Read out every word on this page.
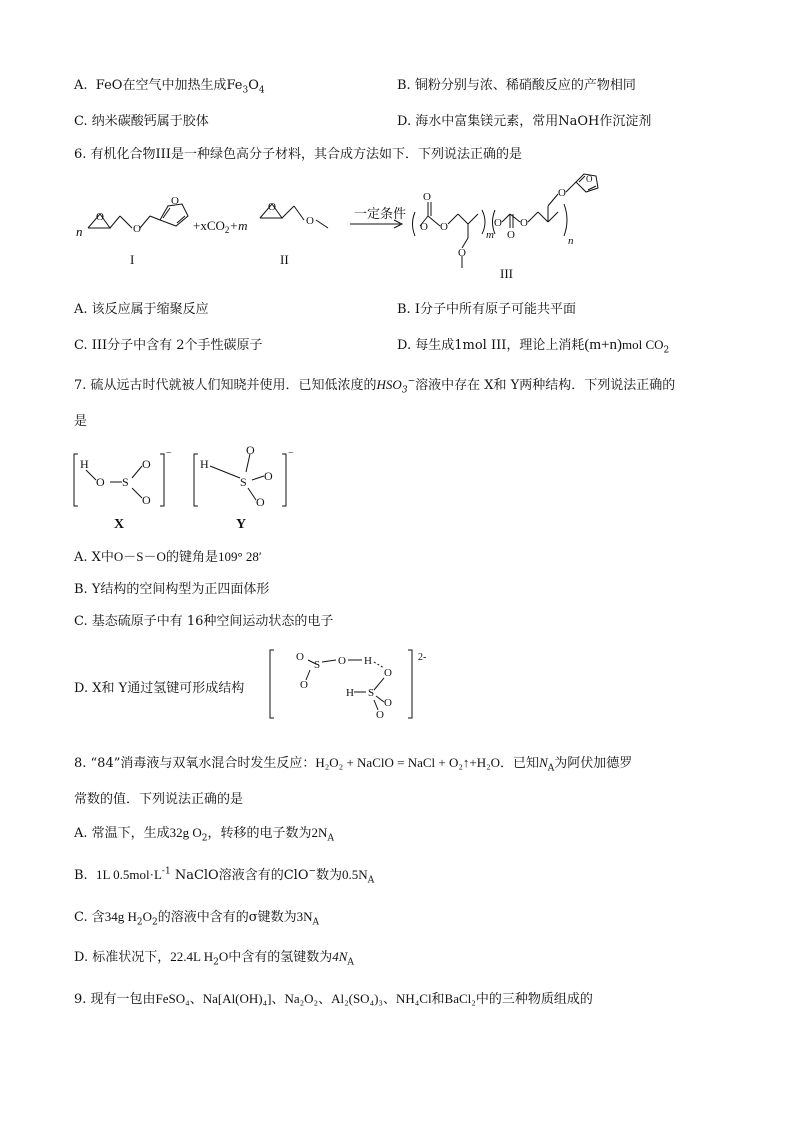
A. FeO在空气中加热生成$Fe_3O_4$	B. 铜粉分别与浓、稀硝酸反应的产物相同
C. 纳米碳酸钙属于胶体	D. 海水中富集镁元素，常用NaOH作沉淀剂
6. 有机化合物III是一种绿色高分子材料，其合成方法如下．下列说法正确的是
n
O
O
O
+xCO$_2$+m
O
O
I	II
一定条件
O
O
O
O
m
O
O
O
O
O
n
III
A. 该反应属于缩聚反应	B. I分子中所有原子可能共平面
C. III分子中含有 2个手性碳原子	D. 每生成1mol III，理论上消耗(m+n)mol $CO_2$
7. 硫从远古时代就被人们知晓并使用．已知低浓度的$HSO_3^-$溶液中存在 X和 Y两种结构．下列说法正确的
是
H
O S
O
O
−
H
S
O
O
O
−
X	Y
A. X中O－S－O的键角是109° 28′
B. Y结构的空间构型为正四面体形
C. 基态硫原子中有 16种空间运动状态的电子
D. X和 Y通过氢键可形成结构
O
S
O
O H
O
H S
O
O
2-
8. “84”消毒液与双氧水混合时发生反应：H₂O₂ + NaClO = NaCl + O₂↑+H₂O．已知$N_A$为阿伏加德罗
常数的值．下列说法正确的是
A. 常温下，生成32g $O_2$，转移的电子数为$2N_A$
B. 1L $0.5mol\cdot L^{-1}$ NaClO溶液含有的ClO−数为$0.5N_A$
C. 含34g $H_2O_2$的溶液中含有的σ键数为$3N_A$
D. 标准状况下，22.4L $H_2O$中含有的氢键数为$4N_A$
9. 现有一包由FeSO₄、Na[Al(OH)₄]、Na₂O₂、Al₂(SO₄)₃、NH₄Cl和BaCl₂中的三种物质组成的
